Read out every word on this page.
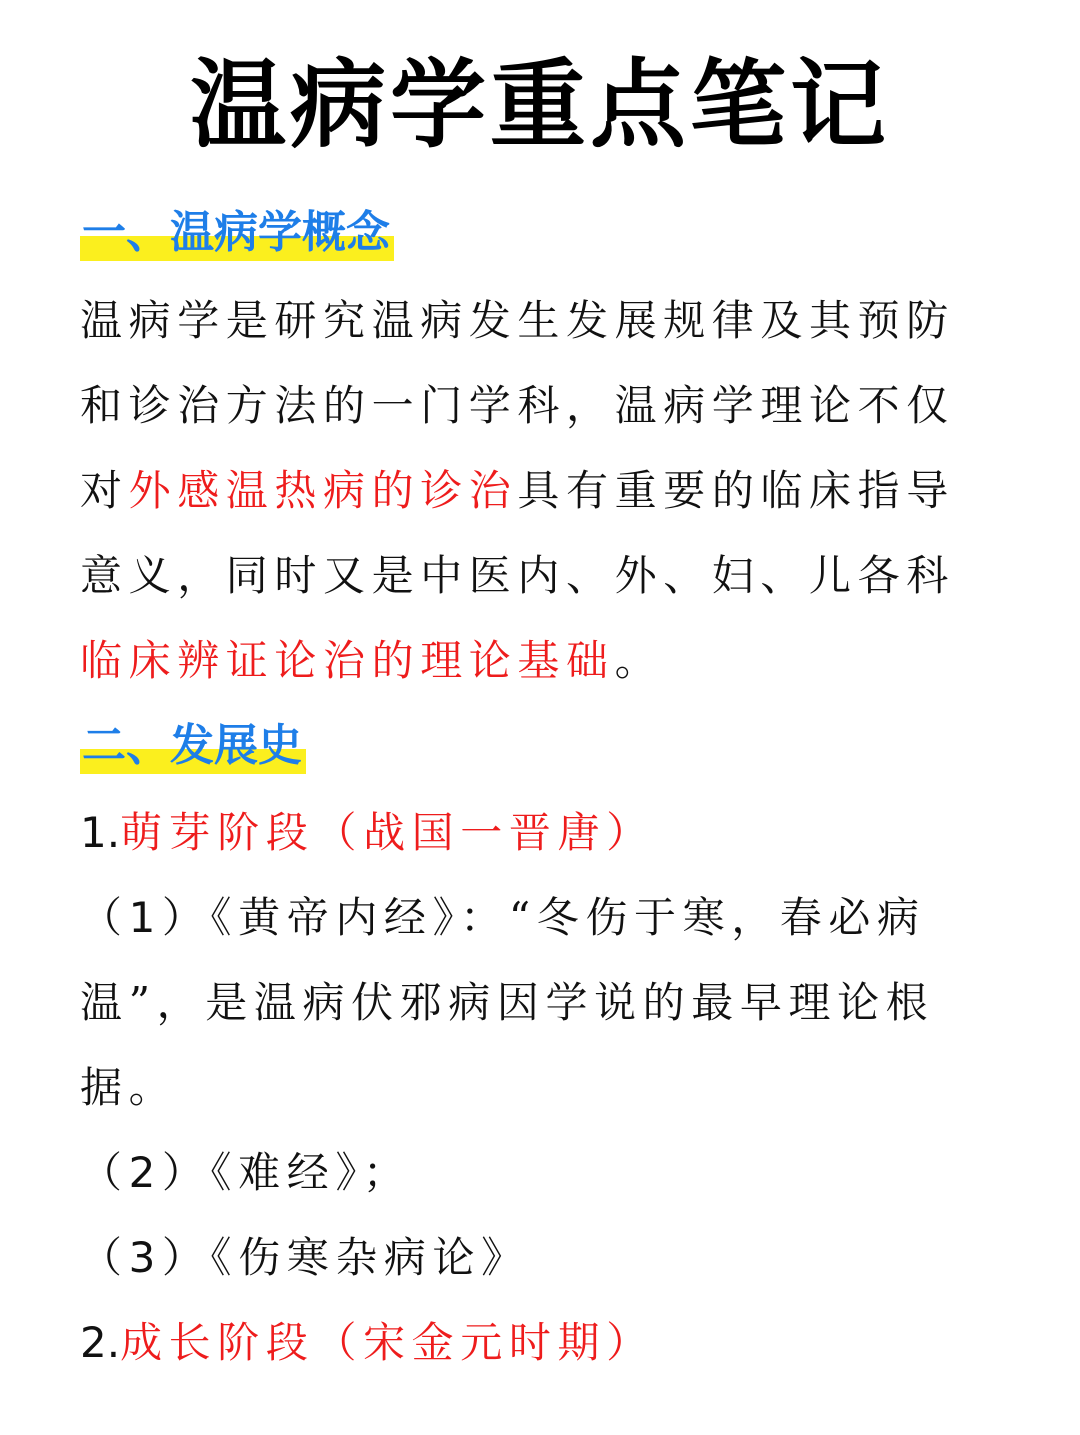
温病学重点笔记
一、温病学概念
温病学是研究温病发生发展规律及其预防
和诊治方法的一门学科，温病学理论不仅
对外感温热病的诊治具有重要的临床指导
意义，同时又是中医内、外、妇、儿各科
临床辨证论治的理论基础。
二、发展史
1.萌芽阶段（战国一晋唐）
（1）《黄帝内经》：“冬伤于寒，春必病
温”，是温病伏邪病因学说的最早理论根
据。
（2）《难经》；
（3）《伤寒杂病论》
2.成长阶段（宋金元时期）
